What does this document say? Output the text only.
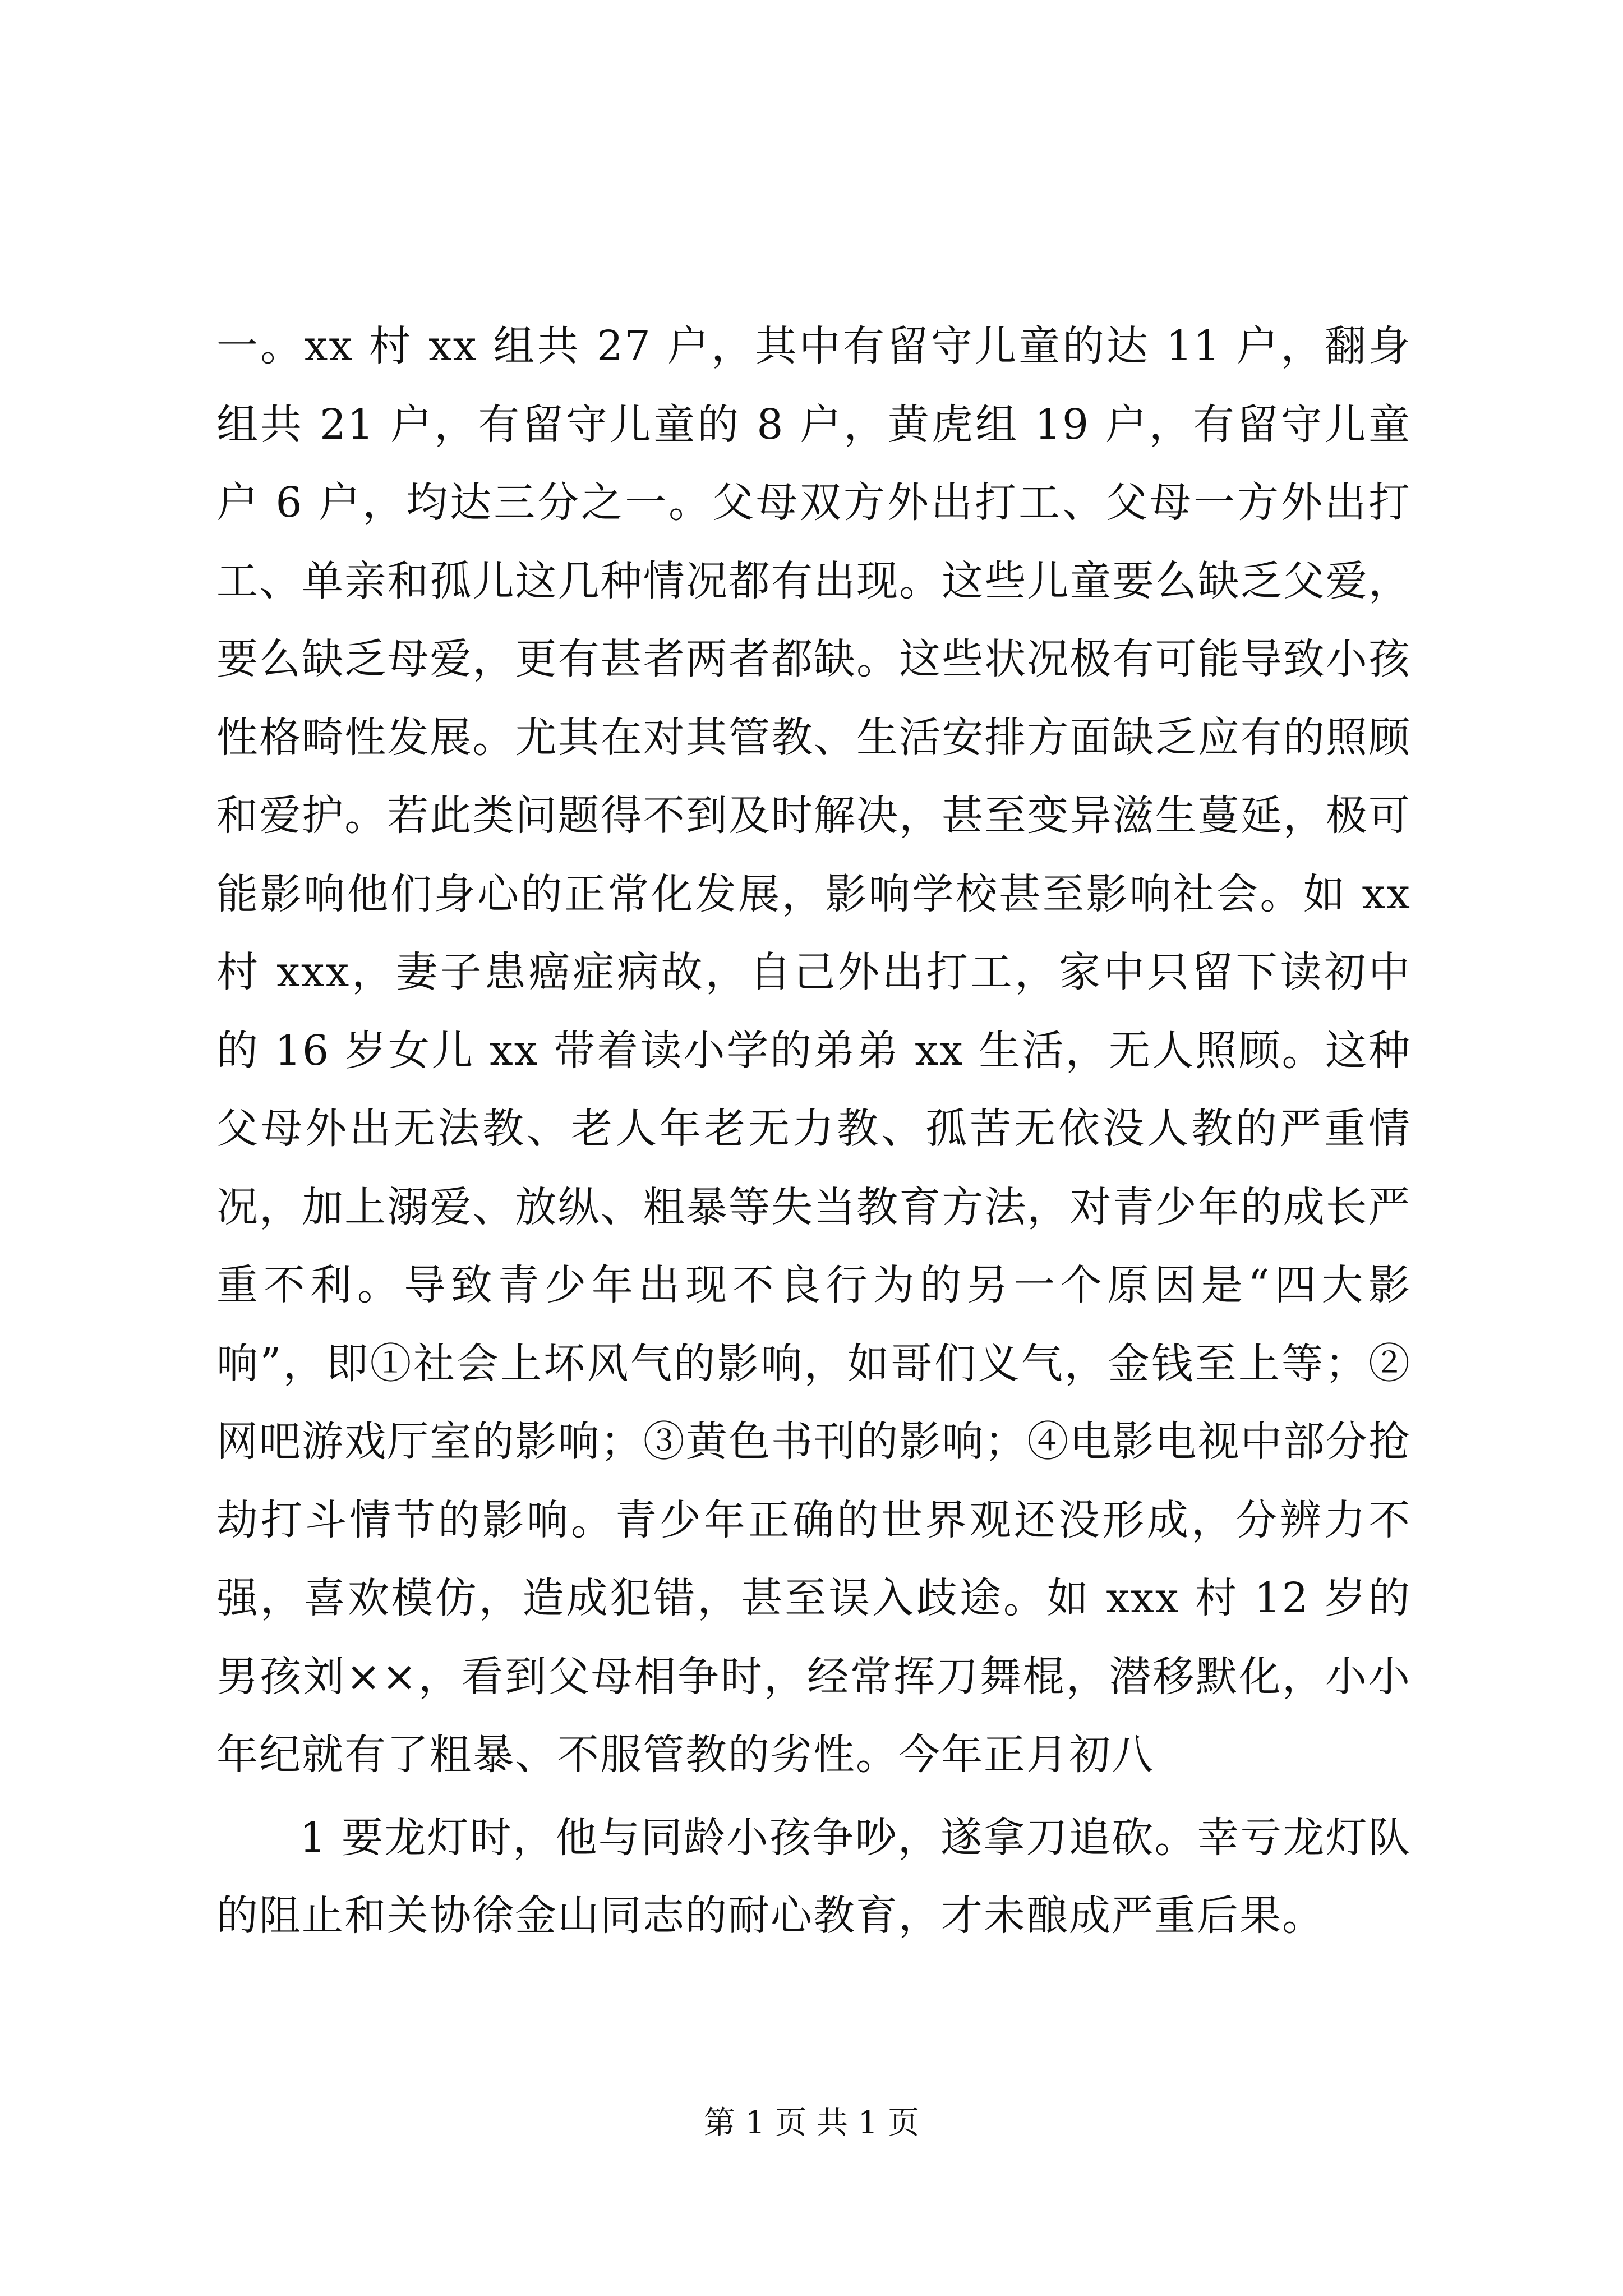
一。xx 村 xx 组共 27 户，其中有留守儿童的达 11 户，翻身组共 21 户，有留守儿童的 8 户，黄虎组 19 户，有留守儿童户 6 户，均达三分之一。父母双方外出打工、父母一方外出打工、单亲和孤儿这几种情况都有出现。这些儿童要么缺乏父爱，要么缺乏母爱，更有甚者两者都缺。这些状况极有可能导致小孩性格畸性发展。尤其在对其管教、生活安排方面缺乏应有的照顾和爱护。若此类问题得不到及时解决，甚至变异滋生蔓延，极可能影响他们身心的正常化发展，影响学校甚至影响社会。如 xx 村 xxx，妻子患癌症病故，自己外出打工，家中只留下读初中的 16 岁女儿 xx 带着读小学的弟弟 xx 生活，无人照顾。这种父母外出无法教、老人年老无力教、孤苦无依没人教的严重情况，加上溺爱、放纵、粗暴等失当教育方法，对青少年的成长严重不利。导致青少年出现不良行为的另一个原因是“四大影响”，即①社会上坏风气的影响，如哥们义气，金钱至上等；②网吧游戏厅室的影响；③黄色书刊的影响；④电影电视中部分抢劫打斗情节的影响。青少年正确的世界观还没形成，分辨力不强，喜欢模仿，造成犯错，甚至误入歧途。如 xxx 村 12 岁的男孩刘××，看到父母相争时，经常挥刀舞棍，潜移默化，小小年纪就有了粗暴、不服管教的劣性。今年正月初八

1 要龙灯时，他与同龄小孩争吵，遂拿刀追砍。幸亏龙灯队的阻止和关协徐金山同志的耐心教育，才未酿成严重后果。

第 1 页 共 1 页
